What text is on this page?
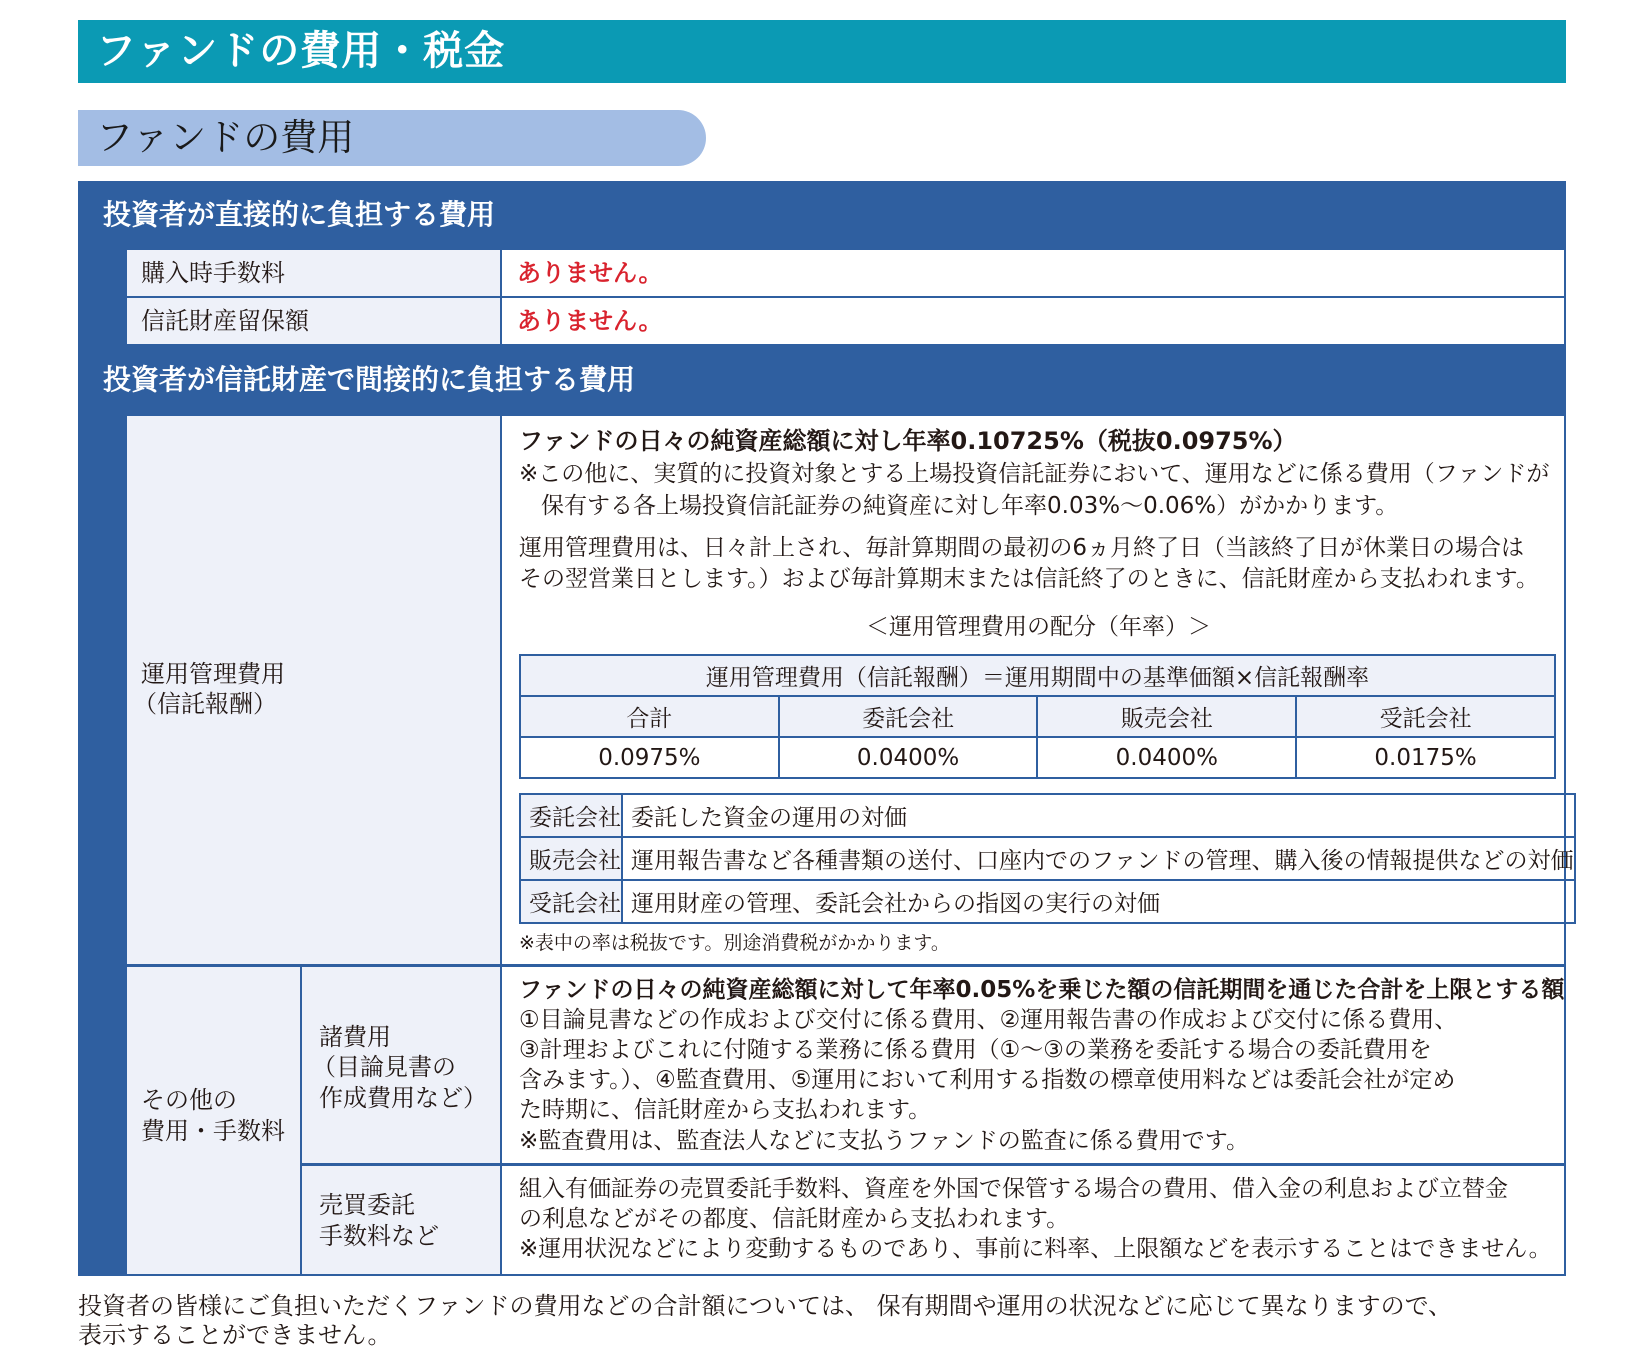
ファンドの費用・税金
ファンドの費用
投資者が直接的に負担する費用
投資者が信託財産で間接的に負担する費用
購入時手数料	ありません。
信託財産留保額	ありません。
運用管理費用
（信託報酬）
ファンドの日々の純資産総額に対し年率0.10725%（税抜0.0975%）
※この他に、実質的に投資対象とする上場投資信託証券において、運用などに係る費用（ファンドが
保有する各上場投資信託証券の純資産に対し年率0.03%～0.06%）がかかります。
運用管理費用は、日々計上され、毎計算期間の最初の6ヵ月終了日（当該終了日が休業日の場合は
その翌営業日とします。）および毎計算期末または信託終了のときに、信託財産から支払われます。
＜運用管理費用の配分（年率）＞
運用管理費用（信託報酬）＝運用期間中の基準価額×信託報酬率			
合計	委託会社	販売会社	受託会社
0.0975%	0.0400%	0.0400%	0.0175%
委託会社	委託した資金の運用の対価
販売会社	運用報告書など各種書類の送付、口座内でのファンドの管理、購入後の情報提供などの対価
受託会社	運用財産の管理、委託会社からの指図の実行の対価
※表中の率は税抜です。別途消費税がかかります。
その他の
費用・手数料
諸費用
（目論見書の
作成費用など）
ファンドの日々の純資産総額に対して年率0.05%を乗じた額の信託期間を通じた合計を上限とする額
①目論見書などの作成および交付に係る費用、②運用報告書の作成および交付に係る費用、
③計理およびこれに付随する業務に係る費用（①～③の業務を委託する場合の委託費用を
含みます。）、④監査費用、⑤運用において利用する指数の標章使用料などは委託会社が定め
た時期に、信託財産から支払われます。
※監査費用は、監査法人などに支払うファンドの監査に係る費用です。
売買委託
手数料など
組入有価証券の売買委託手数料、資産を外国で保管する場合の費用、借入金の利息および立替金
の利息などがその都度、信託財産から支払われます。
※運用状況などにより変動するものであり、事前に料率、上限額などを表示することはできません。
投資者の皆様にご負担いただくファンドの費用などの合計額については、 保有期間や運用の状況などに応じて異なりますので、
表示することができません。
